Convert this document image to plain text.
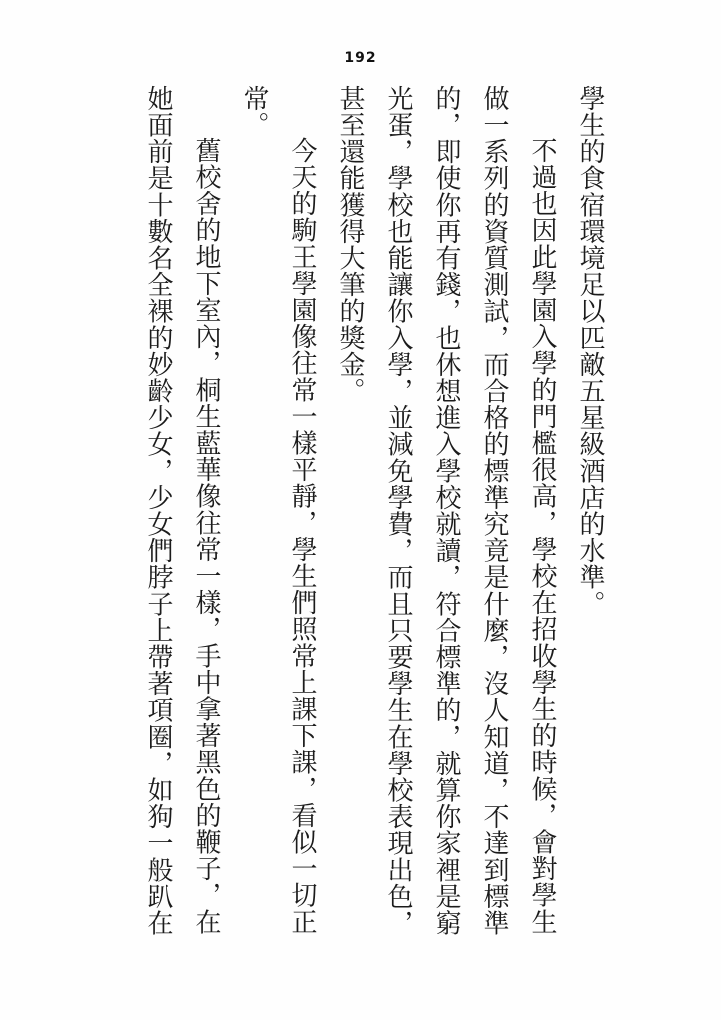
192

學生的食宿環境足以匹敵五星級酒店的水準。

不過也因此學園入學的門檻很高，學校在招收學生的時候，會對學生做一系列的資質測試，而合格的標準究竟是什麼，沒人知道，不達到標準的，即使你再有錢，也休想進入學校就讀，符合標準的，就算你家裡是窮光蛋，學校也能讓你入學，並減免學費，而且只要學生在學校表現出色，甚至還能獲得大筆的獎金。

今天的駒王學園像往常一樣平靜，學生們照常上課下課，看似一切正常。

舊校舍的地下室內，桐生藍華像往常一樣，手中拿著黑色的鞭子，在她面前是十數名全裸的妙齡少女，少女們脖子上帶著項圈，如狗一般趴在
